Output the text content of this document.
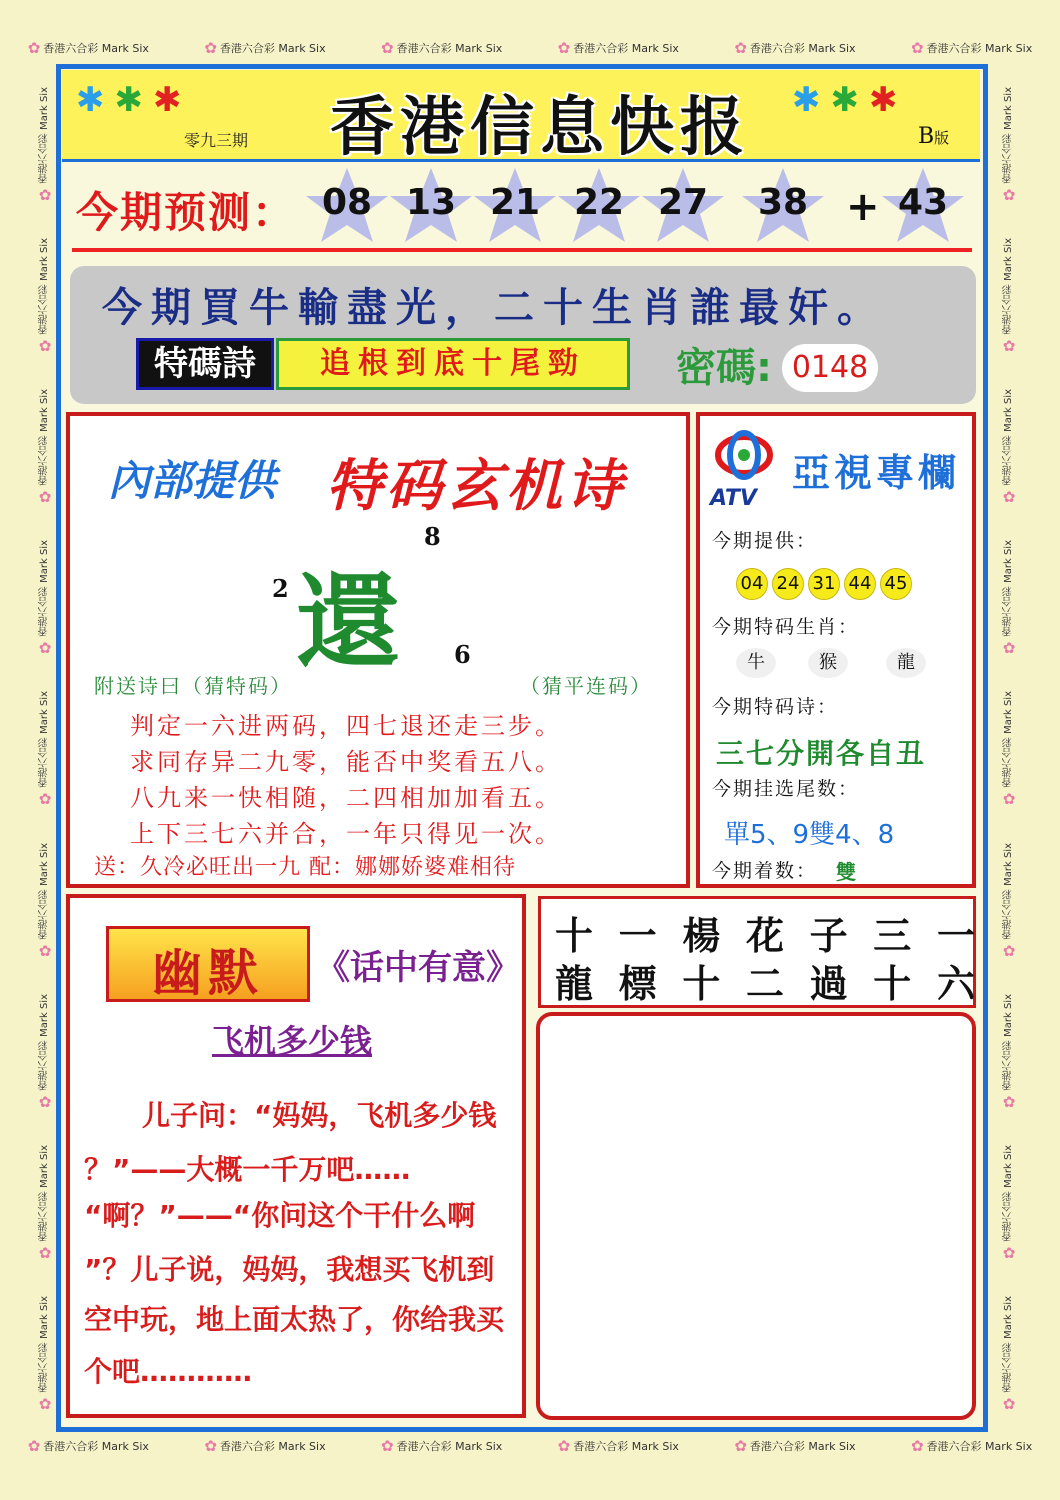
✿ 香港六合彩 Mark Six	✿ 香港六合彩 Mark Six	✿ 香港六合彩 Mark Six	✿ 香港六合彩 Mark Six	✿ 香港六合彩 Mark Six	✿ 香港六合彩 Mark Six
✿ 香港六合彩 Mark Six	✿ 香港六合彩 Mark Six	✿ 香港六合彩 Mark Six	✿ 香港六合彩 Mark Six	✿ 香港六合彩 Mark Six	✿ 香港六合彩 Mark Six
✿
香港六合彩 Mark Six
✿
香港六合彩 Mark Six
✿
香港六合彩 Mark Six
✿
香港六合彩 Mark Six
✿
香港六合彩 Mark Six
✿
香港六合彩 Mark Six
✿
香港六合彩 Mark Six
✿
香港六合彩 Mark Six
✿
香港六合彩 Mark Six
✿
香港六合彩 Mark Six
✿
香港六合彩 Mark Six
✿
香港六合彩 Mark Six
✿
香港六合彩 Mark Six
✿
香港六合彩 Mark Six
✿
香港六合彩 Mark Six
✿
香港六合彩 Mark Six
✿
香港六合彩 Mark Six
✿
香港六合彩 Mark Six
✱ ✱ ✱	香港信息快报
零九三期
✱ ✱ ✱
B版
今期预测： 08 13 21 22 27	38 + 43
今期買牛輸盡光，二十生肖誰最奸。
特碼詩	追根到底十尾勁	密碼: 0148
內部提供 特码玄机诗
8
2 還 6
附送诗曰（猜特码）	（猜平连码）
判定一六进两码，四七退还走三步。
求同存异二九零，能否中奖看五八。
八九来一快相随，二四相加加看五。
上下三七六并合，一年只得见一次。
送：久冷必旺出一九 配：娜娜娇婆难相待
ATV
亞視專欄
今期提供：
04 24 31 44 45
今期特码生肖：
牛	猴	龍
今期特码诗：
三七分開各自丑
今期挂选尾数：
單5、9雙4、8
今期着数： 雙
幽默	《话中有意》
飞机多少钱
儿子问：“妈妈，飞机多少钱
？”——大概一千万吧……
“啊？”——“你问这个干什么啊
”？儿子说，妈妈，我想买飞机到
空中玩，地上面太热了，你给我买
个吧…………
十 一 楊 花 子 三 一
龍 標 十 二 過 十 六
